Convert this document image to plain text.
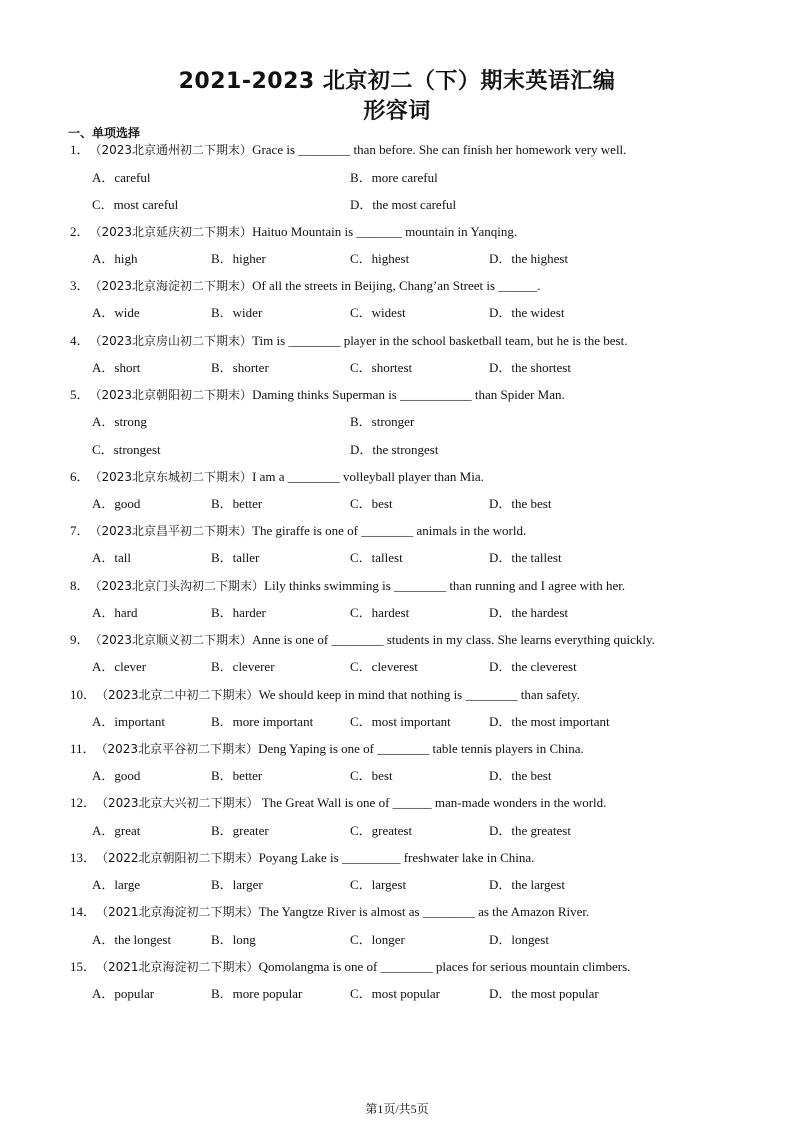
2021-2023 北京初二（下）期末英语汇编
形容词
一、单项选择
1．（2023北京通州初二下期末）Grace is ________ than before. She can finish her homework very well.
A．careful	B．more careful
C．most careful	D．the most careful
2．（2023北京延庆初二下期末）Haituo Mountain is _______ mountain in Yanqing.
A．high	B．higher	C．highest	D．the highest
3．（2023北京海淀初二下期末）Of all the streets in Beijing, Chang’an Street is ______.
A．wide	B．wider	C．widest	D．the widest
4．（2023北京房山初二下期末）Tim is ________ player in the school basketball team, but he is the best.
A．short	B．shorter	C．shortest	D．the shortest
5．（2023北京朝阳初二下期末）Daming thinks Superman is ___________ than Spider Man.
A．strong	B．stronger
C．strongest	D．the strongest
6．（2023北京东城初二下期末）I am a ________ volleyball player than Mia.
A．good	B．better	C．best	D．the best
7．（2023北京昌平初二下期末）The giraffe is one of ________ animals in the world.
A．tall	B．taller	C．tallest	D．the tallest
8．（2023北京门头沟初二下期末）Lily thinks swimming is ________ than running and I agree with her.
A．hard	B．harder	C．hardest	D．the hardest
9．（2023北京顺义初二下期末）Anne is one of ________ students in my class. She learns everything quickly.
A．clever	B．cleverer	C．cleverest	D．the cleverest
10．（2023北京二中初二下期末）We should keep in mind that nothing is ________ than safety.
A．important	B．more important	C．most important	D．the most important
11．（2023北京平谷初二下期末）Deng Yaping is one of ________ table tennis players in China.
A．good	B．better	C．best	D．the best
12．（2023北京大兴初二下期末） The Great Wall is one of ______ man-made wonders in the world.
A．great	B．greater	C．greatest	D．the greatest
13．（2022北京朝阳初二下期末）Poyang Lake is _________ freshwater lake in China.
A．large	B．larger	C．largest	D．the largest
14．（2021北京海淀初二下期末）The Yangtze River is almost as ________ as the Amazon River.
A．the longest	B．long	C．longer	D．longest
15．（2021北京海淀初二下期末）Qomolangma is one of ________ places for serious mountain climbers.
A．popular	B．more popular	C．most popular	D．the most popular
第1页/共5页
